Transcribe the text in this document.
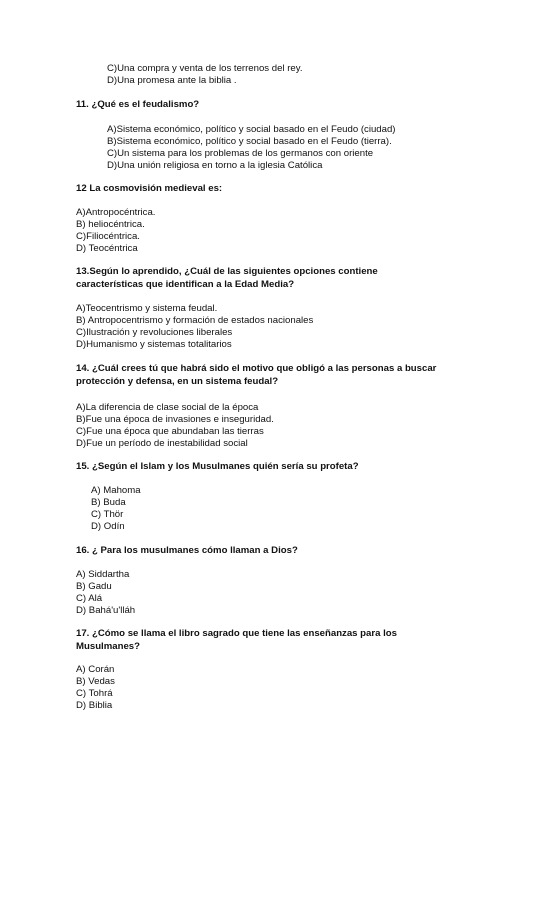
C)Una compra y venta de los terrenos del rey.
D)Una promesa ante la biblia .
11. ¿Qué es el feudalismo?
A)Sistema económico, político y social basado en el Feudo (ciudad)
B)Sistema económico, político y social basado en el Feudo (tierra).
C)Un sistema para los problemas de los germanos con oriente
D)Una unión religiosa en torno a la iglesia Católica
12 La cosmovisión medieval es:
A)Antropocéntrica.
B) heliocéntrica.
C)Filiocéntrica.
D) Teocéntrica
13.Según lo aprendido, ¿Cuál de las siguientes opciones contiene
características que identifican a la Edad Media?
A)Teocentrismo y sistema feudal.
B) Antropocentrismo y formación de estados nacionales
C)Ilustración y revoluciones liberales
D)Humanismo y sistemas totalitarios
14. ¿Cuál crees tú que habrá sido el motivo que obligó a las personas a buscar
protección y defensa, en un sistema feudal?
A)La diferencia de clase social de la época
B)Fue una época de invasiones e inseguridad.
C)Fue una época que abundaban las tierras
D)Fue un período de inestabilidad social
15. ¿Según el Islam y los Musulmanes quién sería su profeta?
A) Mahoma
B) Buda
C) Thör
D) Odín
16. ¿ Para los musulmanes cómo llaman a Dios?
A) Siddartha
B) Gadu
C) Alá
D) Bahá'u'lláh
17. ¿Cómo se llama el libro sagrado que tiene las enseñanzas para los
Musulmanes?
A) Corán
B) Vedas
C) Tohrá
D) Biblia
